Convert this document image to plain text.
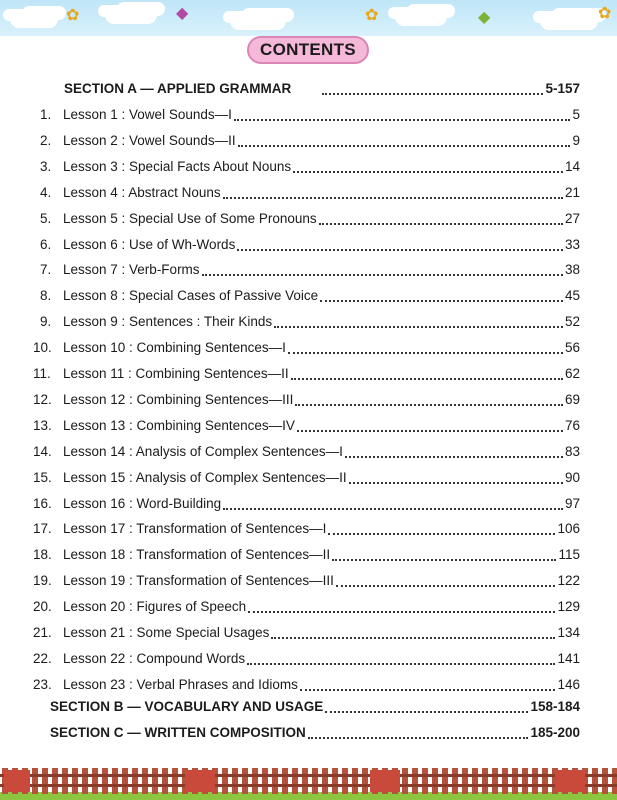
✿	◆	✿	◆	✿
CONTENTS
SECTION A — APPLIED GRAMMAR	5-157
1. Lesson 1 : Vowel Sounds—I	5
2. Lesson 2 : Vowel Sounds—II	9
3. Lesson 3 : Special Facts About Nouns	14
4. Lesson 4 : Abstract Nouns	21
5. Lesson 5 : Special Use of Some Pronouns	27
6. Lesson 6 : Use of Wh-Words	33
7. Lesson 7 : Verb-Forms	38
8. Lesson 8 : Special Cases of Passive Voice	45
9. Lesson 9 : Sentences : Their Kinds	52
10. Lesson 10 : Combining Sentences—I	56
11. Lesson 11 : Combining Sentences—II	62
12. Lesson 12 : Combining Sentences—III	69
13. Lesson 13 : Combining Sentences—IV	76
14. Lesson 14 : Analysis of Complex Sentences—I	83
15. Lesson 15 : Analysis of Complex Sentences—II	90
16. Lesson 16 : Word-Building	97
17. Lesson 17 : Transformation of Sentences—I	106
18. Lesson 18 : Transformation of Sentences—II	115
19. Lesson 19 : Transformation of Sentences—III	122
20. Lesson 20 : Figures of Speech	129
21. Lesson 21 : Some Special Usages	134
22. Lesson 22 : Compound Words	141
23. Lesson 23 : Verbal Phrases and Idioms	146
SECTION B — VOCABULARY AND USAGE	158-184
SECTION C — WRITTEN COMPOSITION	185-200
